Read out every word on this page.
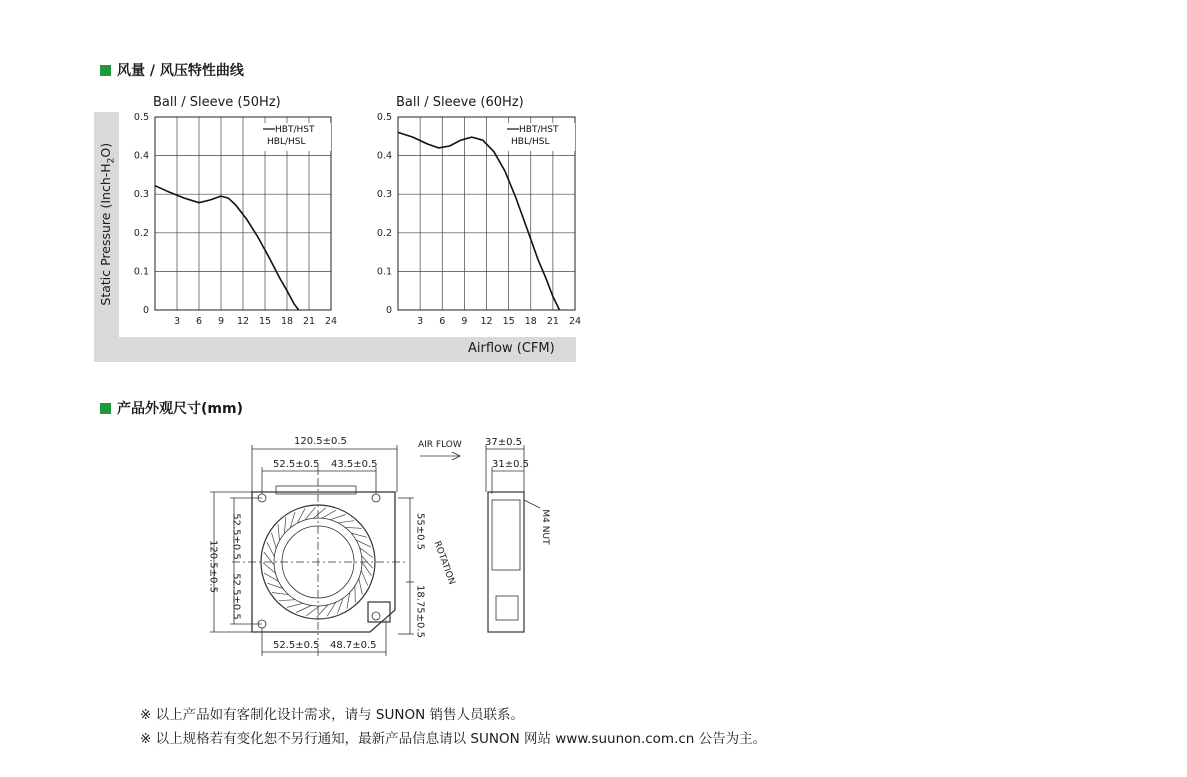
风量 / 风压特性曲线
Static Pressure $(Inch-H_2O)$
Airflow (CFM)
Ball / Sleeve (50Hz)	Ball / Sleeve (60Hz)
0
0.1
0.2
0.3
0.4
0.5
3 6 9 12 15 18 21 24
HBT/HST
HBL/HSL
0
0.1
0.2
0.3
0.4
0.5
3 6 9 12 15 18 21 24
HBT/HST
HBL/HSL
产品外观尺寸(mm)
120.5±0.5
52.5±0.5 43.5±0.5
AIR FLOW 37±0.5
31±0.5
120.5±0.5
52.5±0.5
52.5±0.5
55±0.5
18.75±0.5
ROTATION
M4 NUT
52.5±0.5 48.7±0.5
※ 以上产品如有客制化设计需求，请与 SUNON 销售人员联系。
※ 以上规格若有变化恕不另行通知，最新产品信息请以 SUNON 网站 www.suunon.com.cn 公告为主。
